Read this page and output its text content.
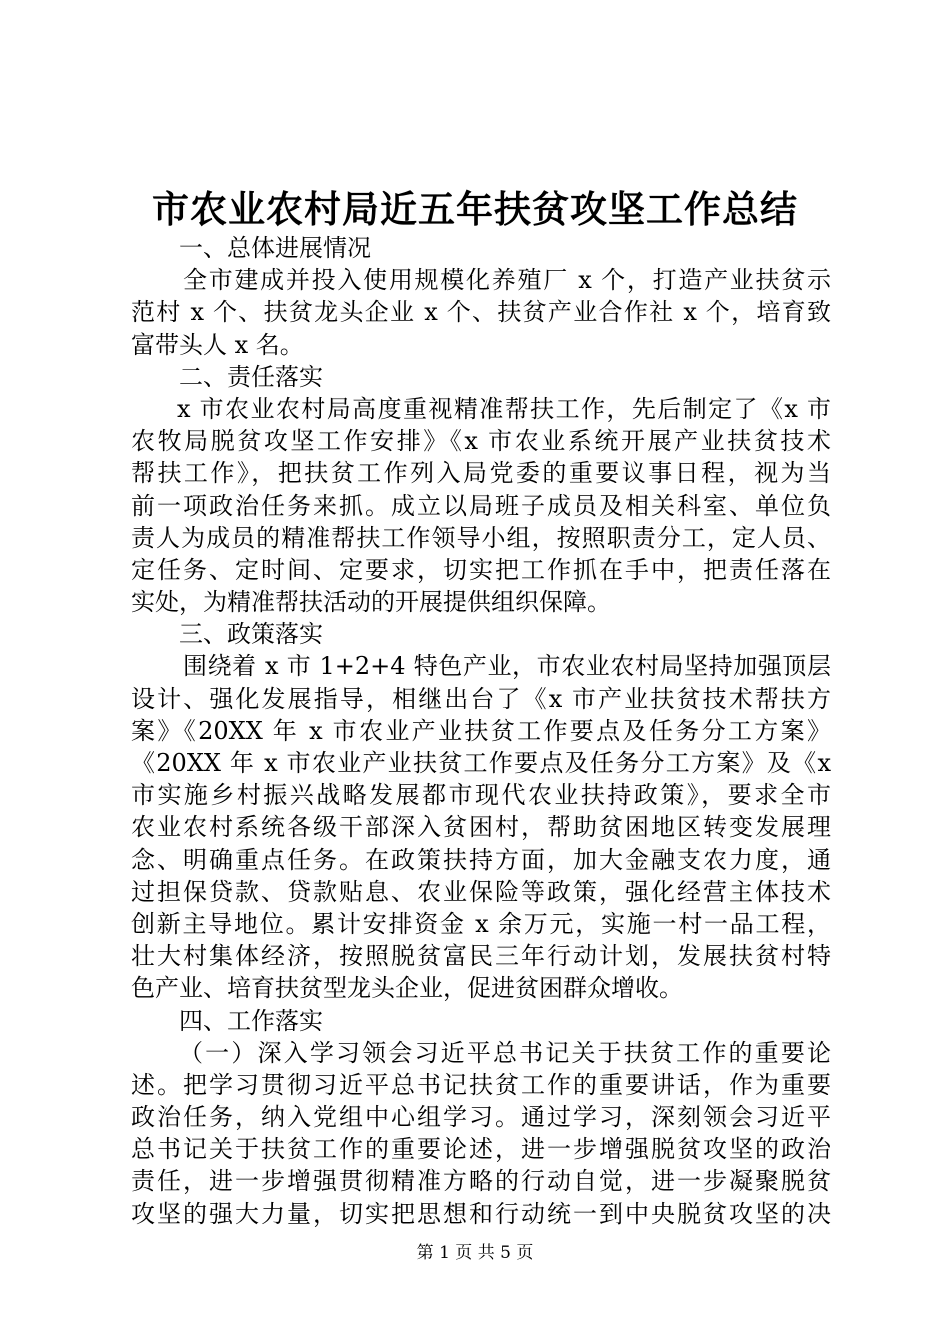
市农业农村局近五年扶贫攻坚工作总结
一、总体进展情况
全市建成并投入使用规模化养殖厂 x 个，打造产业扶贫示
范村 x 个、扶贫龙头企业 x 个、扶贫产业合作社 x 个，培育致
富带头人 x 名。
二、责任落实
x 市农业农村局高度重视精准帮扶工作，先后制定了《x 市
农牧局脱贫攻坚工作安排》《x 市农业系统开展产业扶贫技术
帮扶工作》，把扶贫工作列入局党委的重要议事日程，视为当
前一项政治任务来抓。成立以局班子成员及相关科室、单位负
责人为成员的精准帮扶工作领导小组，按照职责分工，定人员、
定任务、定时间、定要求，切实把工作抓在手中，把责任落在
实处，为精准帮扶活动的开展提供组织保障。
三、政策落实
围绕着 x 市 1+2+4 特色产业，市农业农村局坚持加强顶层
设计、强化发展指导，相继出台了《x 市产业扶贫技术帮扶方
案》《20XX 年 x 市农业产业扶贫工作要点及任务分工方案》
《20XX 年 x 市农业产业扶贫工作要点及任务分工方案》及《x
市实施乡村振兴战略发展都市现代农业扶持政策》，要求全市
农业农村系统各级干部深入贫困村，帮助贫困地区转变发展理
念、明确重点任务。在政策扶持方面，加大金融支农力度，通
过担保贷款、贷款贴息、农业保险等政策，强化经营主体技术
创新主导地位。累计安排资金 x 余万元，实施一村一品工程，
壮大村集体经济，按照脱贫富民三年行动计划，发展扶贫村特
色产业、培育扶贫型龙头企业，促进贫困群众增收。
四、工作落实
（一）深入学习领会习近平总书记关于扶贫工作的重要论
述。把学习贯彻习近平总书记扶贫工作的重要讲话，作为重要
政治任务，纳入党组中心组学习。通过学习，深刻领会习近平
总书记关于扶贫工作的重要论述，进一步增强脱贫攻坚的政治
责任，进一步增强贯彻精准方略的行动自觉，进一步凝聚脱贫
攻坚的强大力量，切实把思想和行动统一到中央脱贫攻坚的决
第 1 页 共 5 页
